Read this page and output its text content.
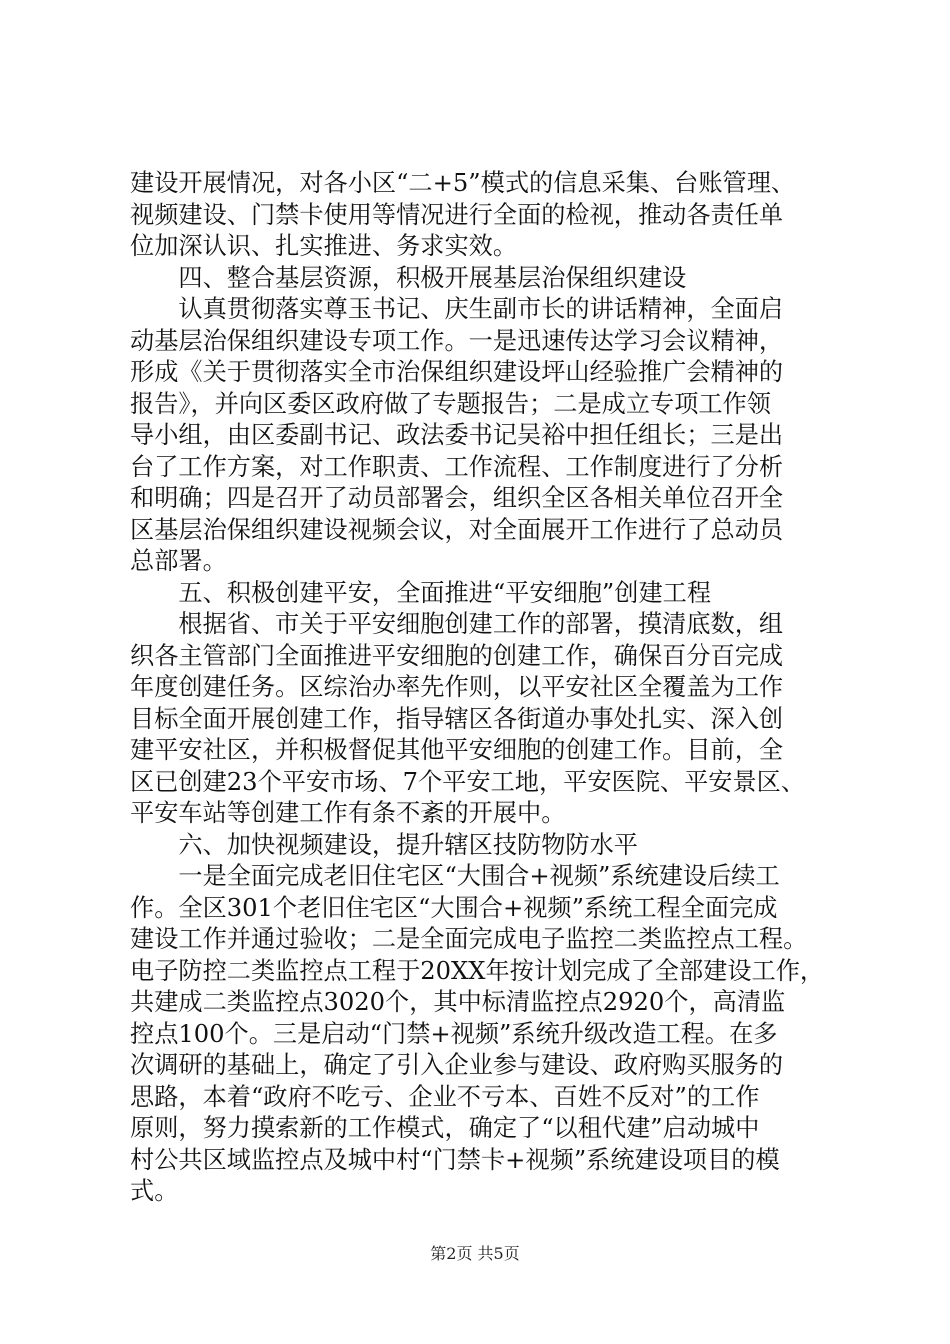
建设开展情况，对各小区“二+5”模式的信息采集、台账管理、
视频建设、门禁卡使用等情况进行全面的检视，推动各责任单
位加深认识、扎实推进、务求实效。
　　四、整合基层资源，积极开展基层治保组织建设
　　认真贯彻落实尊玉书记、庆生副市长的讲话精神，全面启
动基层治保组织建设专项工作。一是迅速传达学习会议精神，
形成《关于贯彻落实全市治保组织建设坪山经验推广会精神的
报告》，并向区委区政府做了专题报告；二是成立专项工作领
导小组，由区委副书记、政法委书记吴裕中担任组长；三是出
台了工作方案，对工作职责、工作流程、工作制度进行了分析
和明确；四是召开了动员部署会，组织全区各相关单位召开全
区基层治保组织建设视频会议，对全面展开工作进行了总动员
总部署。
　　五、积极创建平安，全面推进“平安细胞”创建工程
　　根据省、市关于平安细胞创建工作的部署，摸清底数，组
织各主管部门全面推进平安细胞的创建工作，确保百分百完成
年度创建任务。区综治办率先作则，以平安社区全覆盖为工作
目标全面开展创建工作，指导辖区各街道办事处扎实、深入创
建平安社区，并积极督促其他平安细胞的创建工作。目前，全
区已创建23个平安市场、7个平安工地，平安医院、平安景区、
平安车站等创建工作有条不紊的开展中。
　　六、加快视频建设，提升辖区技防物防水平
　　一是全面完成老旧住宅区“大围合+视频”系统建设后续工
作。全区301个老旧住宅区“大围合+视频”系统工程全面完成
建设工作并通过验收；二是全面完成电子监控二类监控点工程。
电子防控二类监控点工程于20XX年按计划完成了全部建设工作，
共建成二类监控点3020个，其中标清监控点2920个，高清监
控点100个。三是启动“门禁+视频”系统升级改造工程。在多
次调研的基础上，确定了引入企业参与建设、政府购买服务的
思路，本着“政府不吃亏、企业不亏本、百姓不反对”的工作
原则，努力摸索新的工作模式，确定了“以租代建”启动城中
村公共区域监控点及城中村“门禁卡+视频”系统建设项目的模
式。
第2页 共5页
